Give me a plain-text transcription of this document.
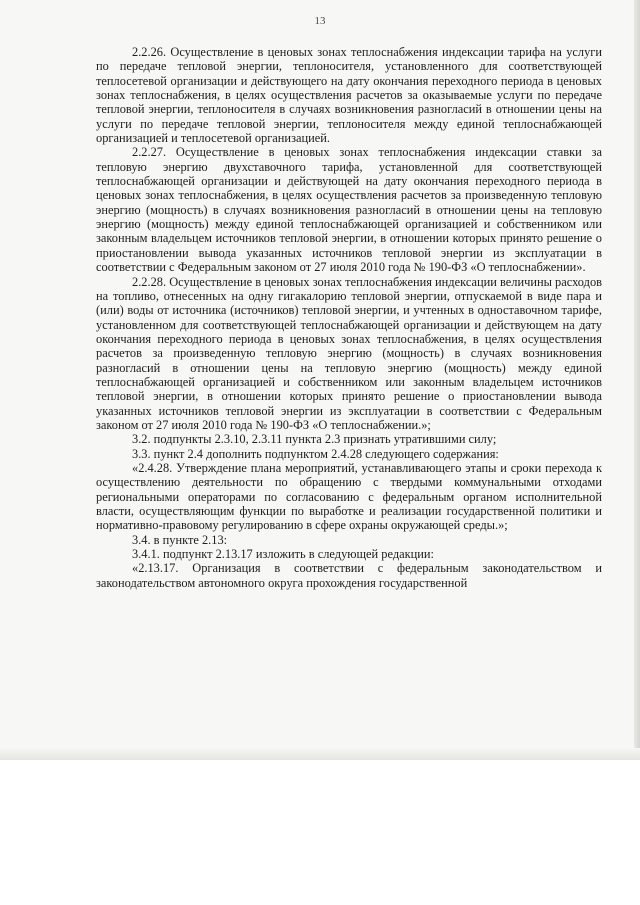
13

2.2.26. Осуществление в ценовых зонах теплоснабжения индексации тарифа на услуги по передаче тепловой энергии, теплоносителя, установленного для соответствующей теплосетевой организации и действующего на дату окончания переходного периода в ценовых зонах теплоснабжения, в целях осуществления расчетов за оказываемые услуги по передаче тепловой энергии, теплоносителя в случаях возникновения разногласий в отношении цены на услуги по передаче тепловой энергии, теплоносителя между единой теплоснабжающей организацией и теплосетевой организацией.

2.2.27. Осуществление в ценовых зонах теплоснабжения индексации ставки за тепловую энергию двухставочного тарифа, установленной для соответствующей теплоснабжающей организации и действующей на дату окончания переходного периода в ценовых зонах теплоснабжения, в целях осуществления расчетов за произведенную тепловую энергию (мощность) в случаях возникновения разногласий в отношении цены на тепловую энергию (мощность) между единой теплоснабжающей организацией и собственником или законным владельцем источников тепловой энергии, в отношении которых принято решение о приостановлении вывода указанных источников тепловой энергии из эксплуатации в соответствии с Федеральным законом от 27 июля 2010 года № 190-ФЗ «О теплоснабжении».

2.2.28. Осуществление в ценовых зонах теплоснабжения индексации величины расходов на топливо, отнесенных на одну гигакалорию тепловой энергии, отпускаемой в виде пара и (или) воды от источника (источников) тепловой энергии, и учтенных в одноставочном тарифе, установленном для соответствующей теплоснабжающей организации и действующем на дату окончания переходного периода в ценовых зонах теплоснабжения, в целях осуществления расчетов за произведенную тепловую энергию (мощность) в случаях возникновения разногласий в отношении цены на тепловую энергию (мощность) между единой теплоснабжающей организацией и собственником или законным владельцем источников тепловой энергии, в отношении которых принято решение о приостановлении вывода указанных источников тепловой энергии из эксплуатации в соответствии с Федеральным законом от 27 июля 2010 года № 190-ФЗ «О теплоснабжении.»;

3.2. подпункты 2.3.10, 2.3.11 пункта 2.3 признать утратившими силу;

3.3. пункт 2.4 дополнить подпунктом 2.4.28 следующего содержания:

«2.4.28. Утверждение плана мероприятий, устанавливающего этапы и сроки перехода к осуществлению деятельности по обращению с твердыми коммунальными отходами региональными операторами по согласованию с федеральным органом исполнительной власти, осуществляющим функции по выработке и реализации государственной политики и нормативно-правовому регулированию в сфере охраны окружающей среды.»;

3.4. в пункте 2.13:

3.4.1. подпункт 2.13.17 изложить в следующей редакции:

«2.13.17. Организация в соответствии с федеральным законодательством и законодательством автономного округа прохождения государственной
